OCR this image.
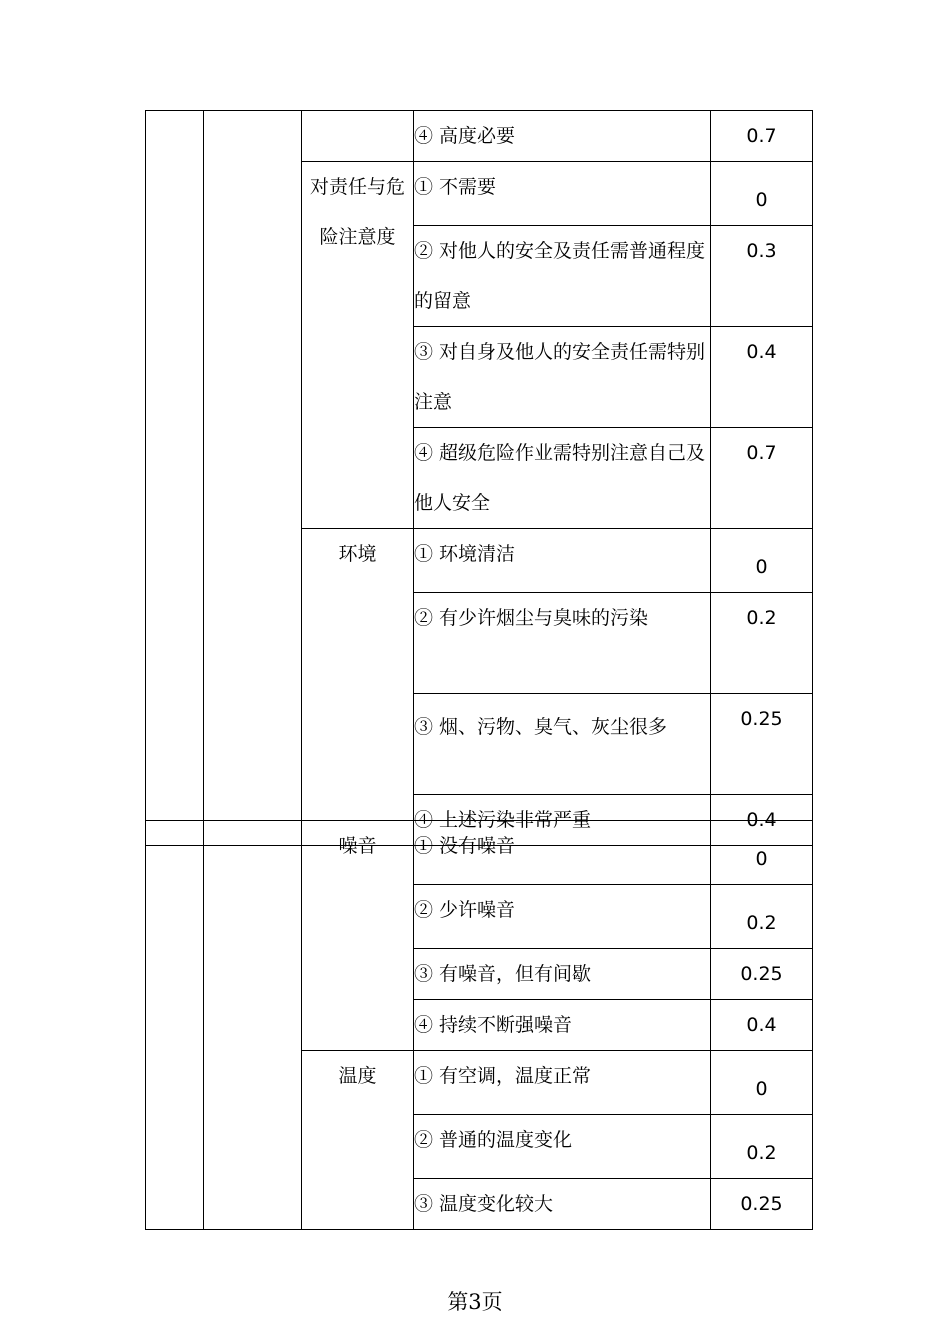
			④ 高度必要	0.7
		对责任与危险注意度	① 不需要	0
			② 对他人的安全及责任需普通程度的留意	0.3
			③ 对自身及他人的安全责任需特别注意	0.4
			④ 超级危险作业需特别注意自己及他人安全	0.7
		环境	① 环境清洁	0
			② 有少许烟尘与臭味的污染	0.2
			③ 烟、污物、臭气、灰尘很多	0.25
			④ 上述污染非常严重	0.4
		噪音	① 没有噪音	0
			② 少许噪音	0.2
			③ 有噪音，但有间歇	0.25
			④ 持续不断强噪音	0.4
		温度	① 有空调，温度正常	0
			② 普通的温度变化	0.2
			③ 温度变化较大	0.25
第3页
